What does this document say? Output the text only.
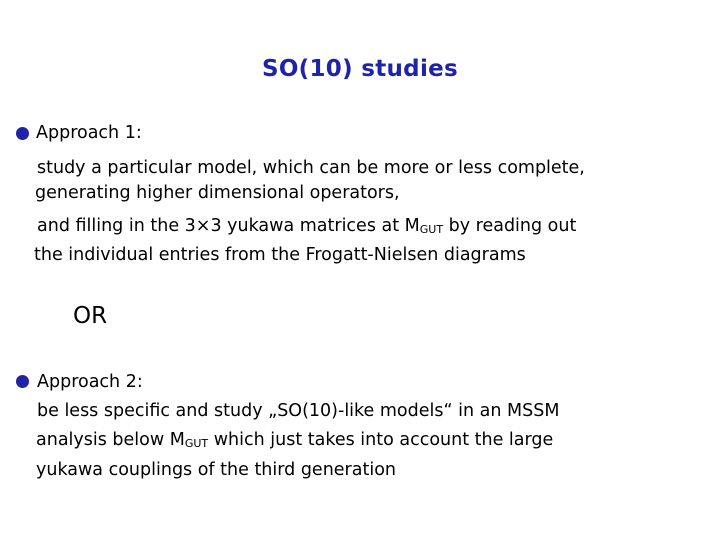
SO(10) studies
Approach 1:
study a particular model, which can be more or less complete,
generating higher dimensional operators,
and filling in the 3×3 yukawa matrices at $M_{GUT}$ by reading out
the individual entries from the Frogatt-Nielsen diagrams
OR
Approach 2:
be less specific and study „SO(10)-like models“ in an MSSM
analysis below $M_{GUT}$ which just takes into account the large
yukawa couplings of the third generation
